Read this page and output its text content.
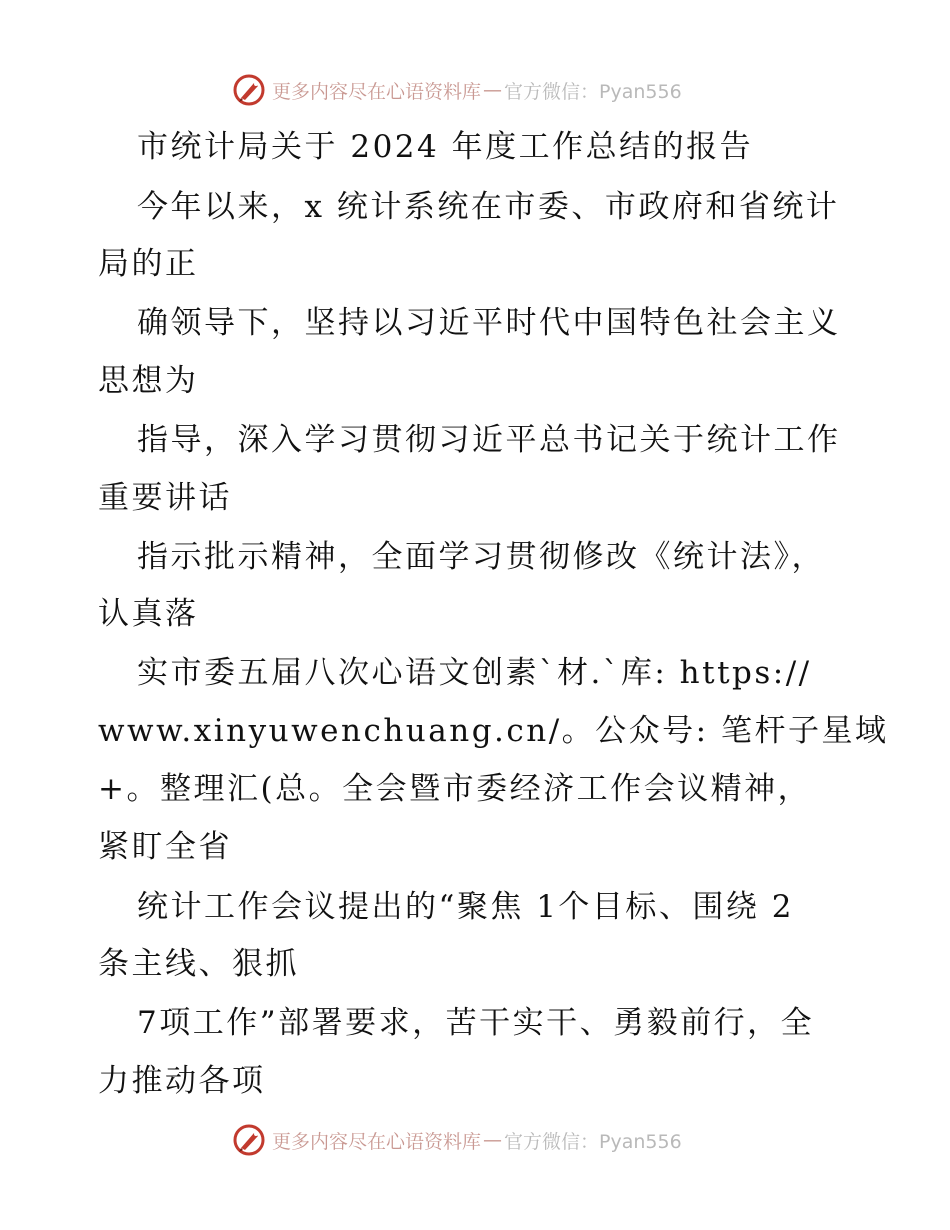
更多内容尽在心语资料库 — 官方微信：Pyan556
市统计局关于 2024 年度工作总结的报告
今年以来，x 统计系统在市委、市政府和省统计
局的正
确领导下，坚持以习近平时代中国特色社会主义
思想为
指导，深入学习贯彻习近平总书记关于统计工作
重要讲话
指示批示精神，全面学习贯彻修改《统计法》，
认真落
实市委五届八次心语文创素`材.`库: https://
www.xinyuwenchuang.cn/。公众号: 笔杆子星域
+。整理汇(总。全会暨市委经济工作会议精神，
紧盯全省
统计工作会议提出的“聚焦 1个目标、围绕 2
条主线、狠抓
7项工作”部署要求，苦干实干、勇毅前行，全
力推动各项
更多内容尽在心语资料库 — 官方微信：Pyan556
